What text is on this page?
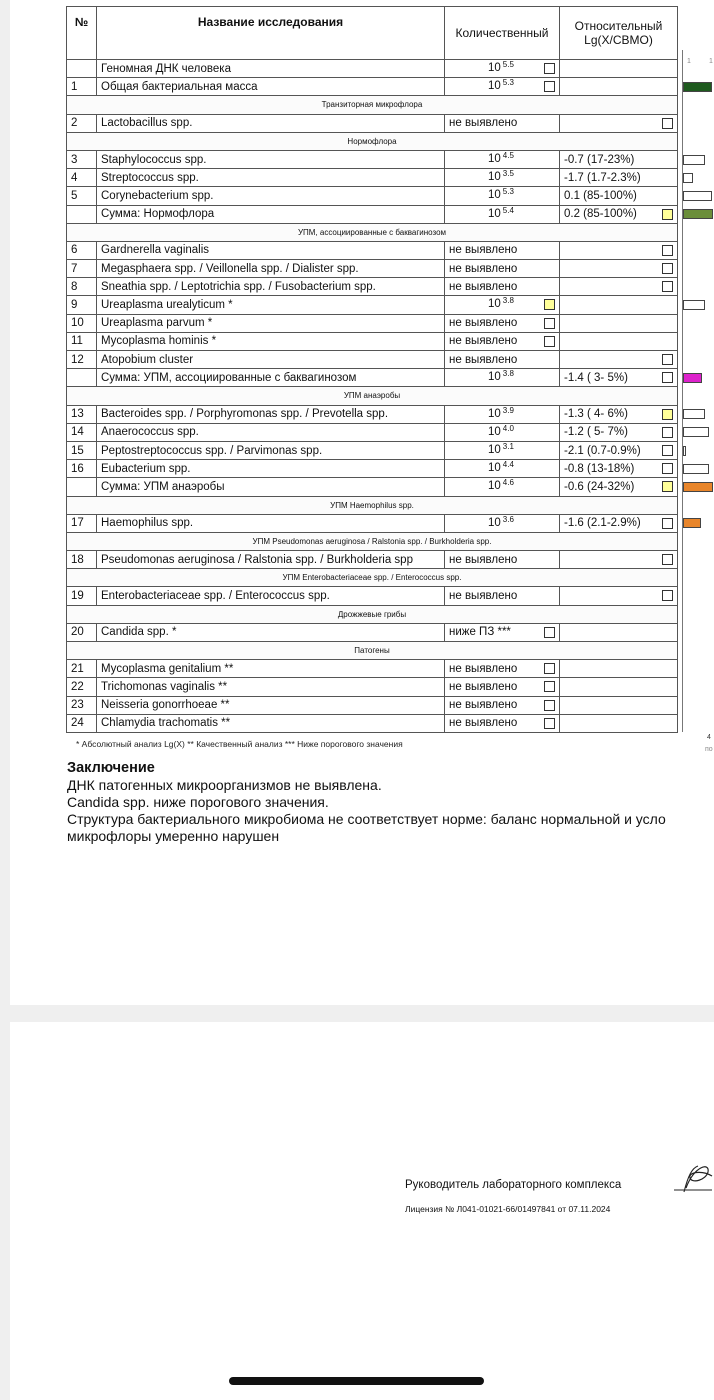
№	Название исследования	Количественный	Относительный Lg(X/СВМО)
	Геномная ДНК человека	10 $^{5.5}$

1	Общая бактериальная масса	10 $^{5.3}$

Транзиторная микрофлора			
2	Lactobacillus spp.	не выявлено	

Нормофлора			
3	Staphylococcus spp.	10 $^{4.5}$	-0.7 (17-23%)
4	Streptococcus spp.	10 $^{3.5}$	-1.7 (1.7-2.3%)
5	Corynebacterium spp.	10 $^{5.3}$	0.1 (85-100%)
	Сумма: Нормофлора	10 $^{5.4}$	0.2 (85-100%)

УПМ, ассоциированные с баквагинозом			
6	Gardnerella vaginalis	не выявлено	

7	Megasphaera spp. / Veillonella spp. / Dialister spp.	не выявлено	

8	Sneathia spp. / Leptotrichia spp. / Fusobacterium spp.	не выявлено	

9	Ureaplasma urealyticum *	10 $^{3.8}$

10	Ureaplasma parvum *	не выявлено

11	Mycoplasma hominis *	не выявлено

12	Atopobium cluster	не выявлено	

	Сумма: УПМ, ассоциированные с баквагинозом	10 $^{3.8}$	-1.4 ( 3- 5%)

УПМ анаэробы			
13	Bacteroides spp. / Porphyromonas spp. / Prevotella spp.	10 $^{3.9}$	-1.3 ( 4- 6%)

14	Anaerococcus spp.	10 $^{4.0}$	-1.2 ( 5- 7%)

15	Peptostreptococcus spp. / Parvimonas spp.	10 $^{3.1}$	-2.1 (0.7-0.9%)

16	Eubacterium spp.	10 $^{4.4}$	-0.8 (13-18%)

	Сумма: УПМ анаэробы	10 $^{4.6}$	-0.6 (24-32%)

УПМ Haemophilus spp.			
17	Haemophilus spp.	10 $^{3.6}$	-1.6 (2.1-2.9%)

УПМ Pseudomonas aeruginosa / Ralstonia spp. / Burkholderia spp.			
18	Pseudomonas aeruginosa / Ralstonia spp. / Burkholderia spp	не выявлено	

УПМ Enterobacteriaceae spp. / Enterococcus spp.			
19	Enterobacteriaceae spp. / Enterococcus spp.	не выявлено	

Дрожжевые грибы			
20	Candida spp. *	ниже ПЗ ***

Патогены			
21	Mycoplasma genitalium **	не выявлено

22	Trichomonas vaginalis **	не выявлено

23	Neisseria gonorrhoeae **	не выявлено

24	Chlamydia trachomatis **	не выявлено

1	1
4
по
* Абсолютный анализ Lg(X) ** Качественный анализ *** Ниже порогового значения
Заключение
ДНК патогенных микроорганизмов не выявлена.
Candida spp. ниже порогового значения.
Структура бактериального микробиома не соответствует норме: баланс нормальной и усло
микрофлоры умеренно нарушен
Руководитель лабораторного комплекса
Лицензия № Л041-01021-66/01497841 от 07.11.2024
